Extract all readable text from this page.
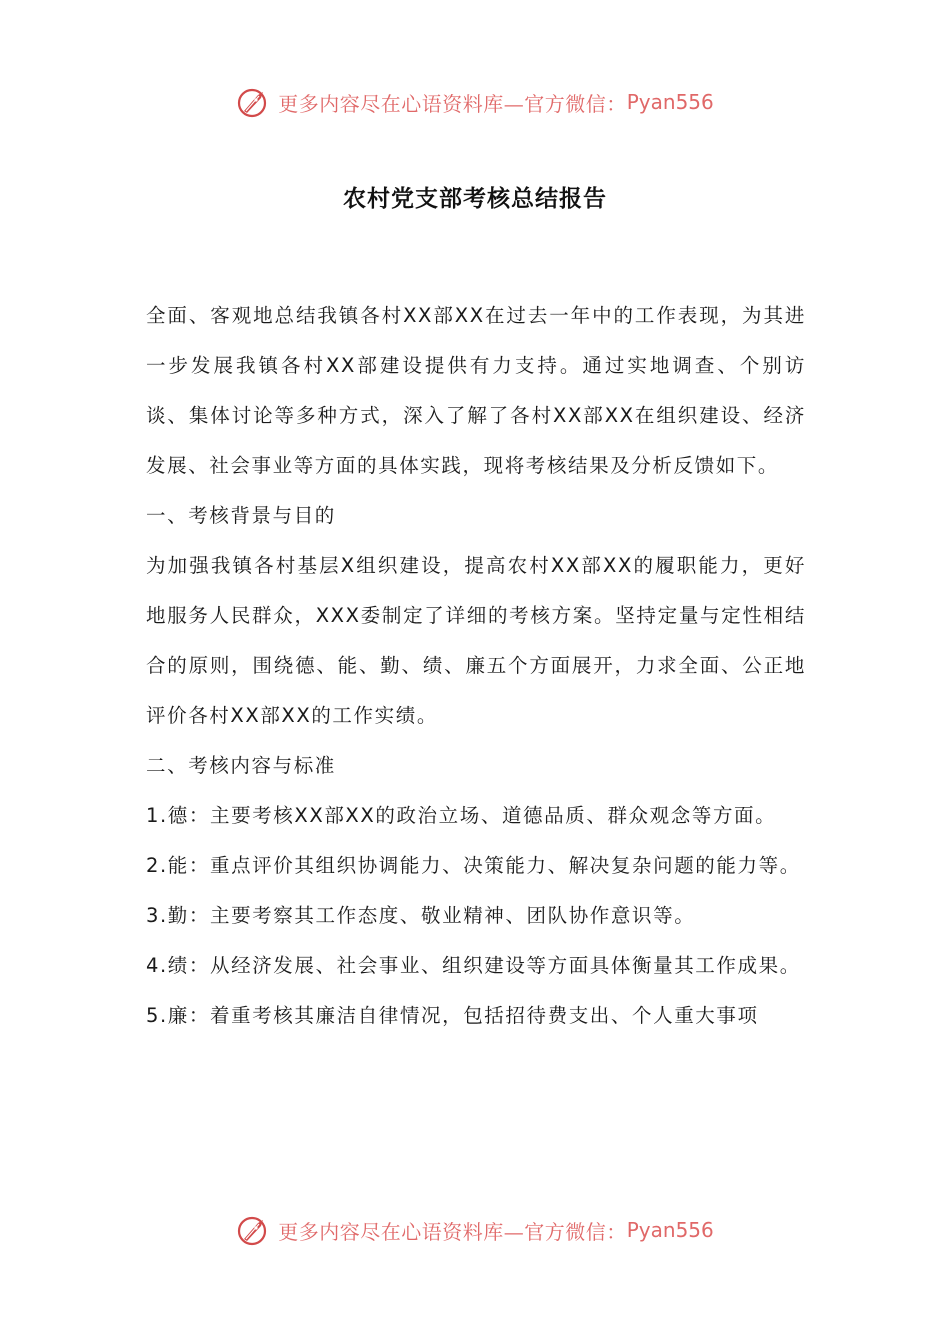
更多内容尽在心语资料库—官方微信： Pyan556
农村党支部考核总结报告

全面、客观地总结我镇各村XX部XX在过去一年中的工作表现，为其进一步发展我镇各村XX部建设提供有力支持。通过实地调查、个别访谈、集体讨论等多种方式，深入了解了各村XX部XX在组织建设、经济发展、社会事业等方面的具体实践，现将考核结果及分析反馈如下。

一、考核背景与目的

为加强我镇各村基层X组织建设，提高农村XX部XX的履职能力，更好地服务人民群众，XXX委制定了详细的考核方案。坚持定量与定性相结合的原则，围绕德、能、勤、绩、廉五个方面展开，力求全面、公正地评价各村XX部XX的工作实绩。

二、考核内容与标准

1.德：主要考核XX部XX的政治立场、道德品质、群众观念等方面。

2.能：重点评价其组织协调能力、决策能力、解决复杂问题的能力等。

3.勤：主要考察其工作态度、敬业精神、团队协作意识等。

4.绩：从经济发展、社会事业、组织建设等方面具体衡量其工作成果。

5.廉：着重考核其廉洁自律情况，包括招待费支出、个人重大事项

更多内容尽在心语资料库—官方微信： Pyan556
